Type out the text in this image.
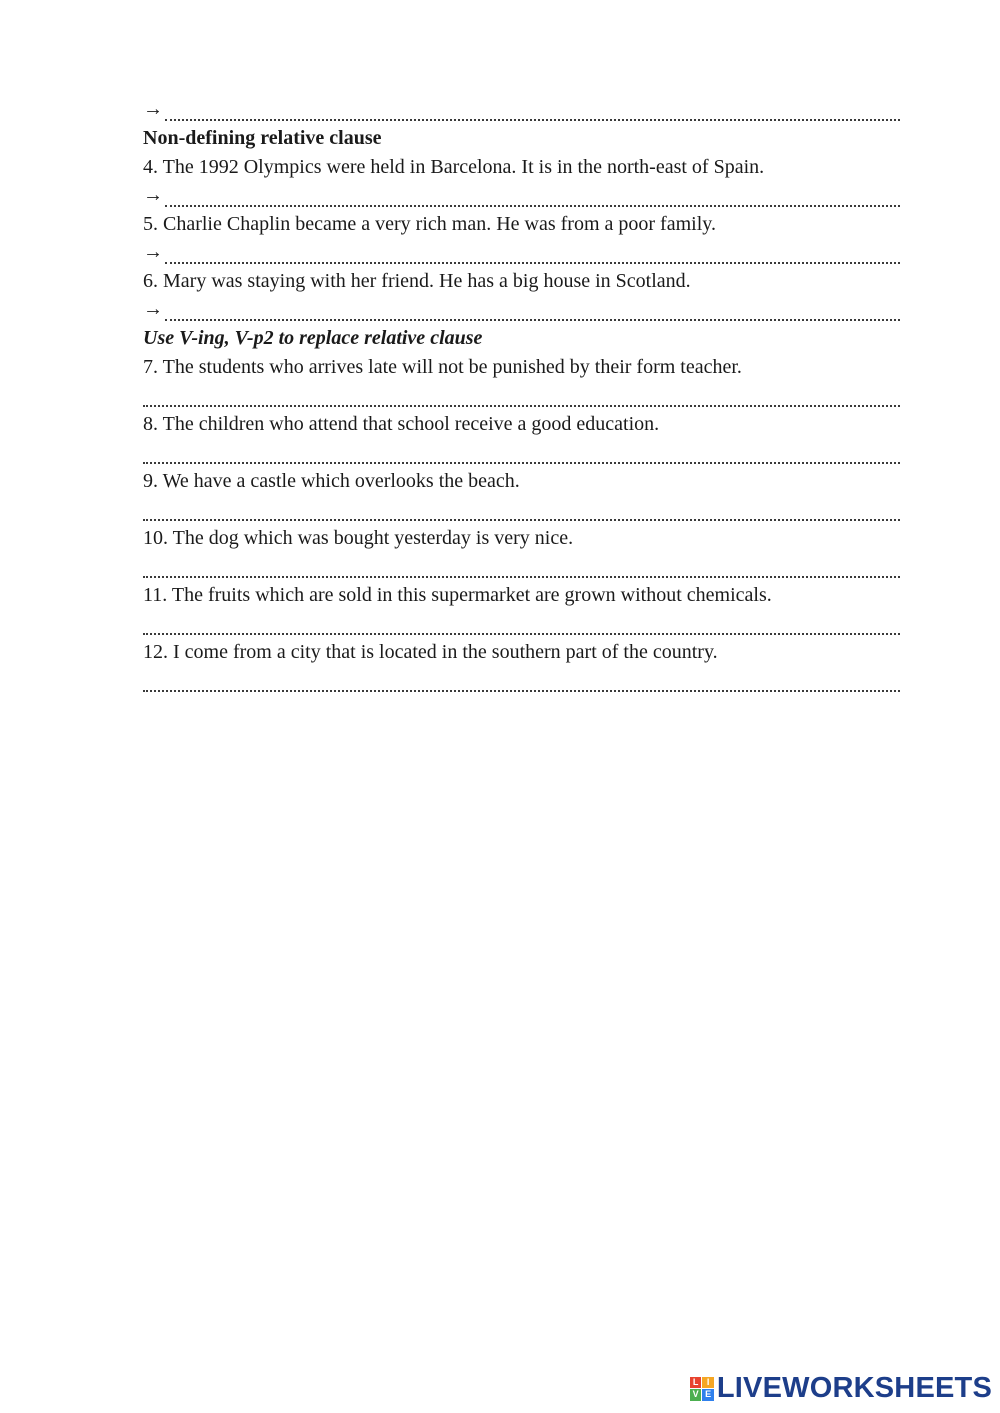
→
Non-defining relative clause
4. The 1992 Olympics were held in Barcelona. It is in the north-east of Spain.
→
5. Charlie Chaplin became a very rich man. He was from a poor family.
→
6. Mary was staying with her friend. He has a big house in Scotland.
→
Use V-ing, V-p2 to replace relative clause
7. The students who arrives late will not be punished by their form teacher.
8. The children who attend that school receive a good education.
9. We have a castle which overlooks the beach.
10. The dog which was bought yesterday is very nice.
11. The fruits which are sold in this supermarket are grown without chemicals.
12. I come from a city that is located in the southern part of the country.
L I
V E LIVEWORKSHEETS
